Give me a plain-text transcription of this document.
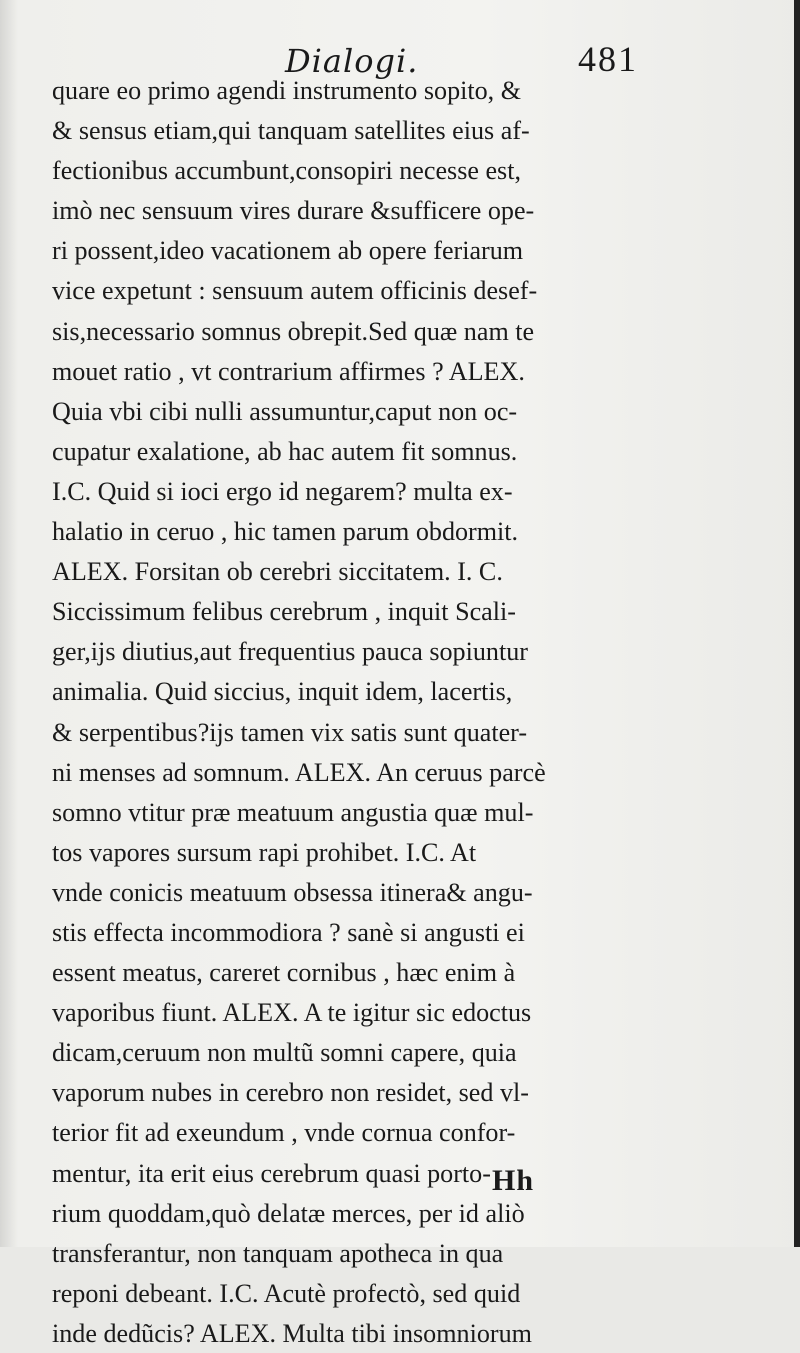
Dialogi.	481
quare eo primo agendi instrumento sopito, &
& sensus etiam,qui tanquam satellites eius af-
fectionibus accumbunt,consopiri necesse est,
imò nec sensuum vires durare &sufficere ope-
ri possent,ideo vacationem ab opere feriarum
vice expetunt : sensuum autem officinis desef-
sis,necessario somnus obrepit.Sed quæ nam te
mouet ratio , vt contrarium affirmes ? ALEX.
Quia vbi cibi nulli assumuntur,caput non oc-
cupatur exalatione, ab hac autem fit somnus.
I.C. Quid si ioci ergo id negarem? multa ex-
halatio in ceruo , hic tamen parum obdormit.
ALEX. Forsitan ob cerebri siccitatem. I. C.
Siccissimum felibus cerebrum , inquit Scali-
ger,ijs diutius,aut frequentius pauca sopiuntur
animalia. Quid siccius, inquit idem, lacertis,
& serpentibus?ijs tamen vix satis sunt quater-
ni menses ad somnum. ALEX. An ceruus parcè
somno vtitur præ meatuum angustia quæ mul-
tos vapores sursum rapi prohibet. I.C. At
vnde conicis meatuum obsessa itinera& angu-
stis effecta incommodiora ? sanè si angusti ei
essent meatus, careret cornibus , hæc enim à
vaporibus fiunt. ALEX. A te igitur sic edoctus
dicam,ceruum non multũ somni capere, quia
vaporum nubes in cerebro non residet, sed vl-
terior fit ad exeundum , vnde cornua confor-
mentur, ita erit eius cerebrum quasi porto-
rium quoddam,quò delatæ merces, per id aliò
transferantur, non tanquam apotheca in qua
reponi debeant. I.C. Acutè profectò, sed quid
inde dedũcis? ALEX. Multa tibi insomniorum
Hh
